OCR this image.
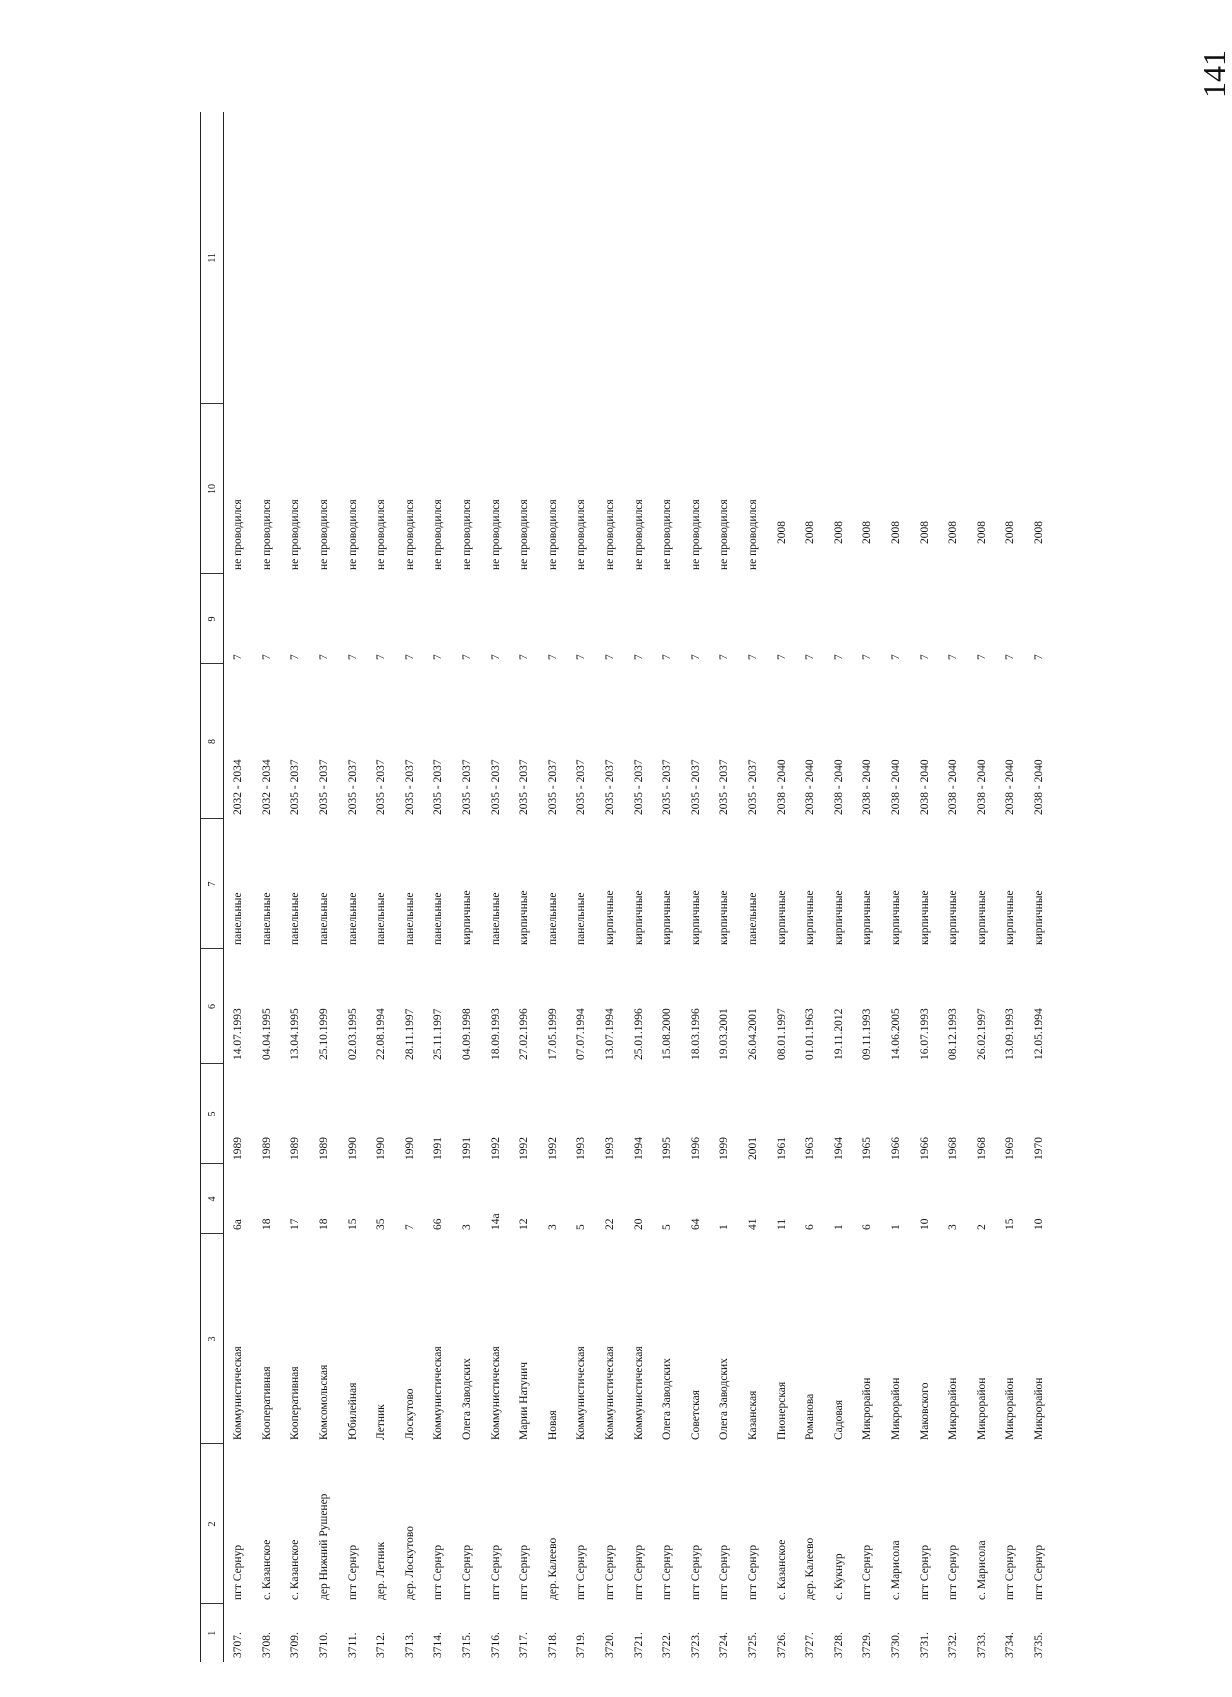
141
1	2	3	4	5	6	7	8	9	10	11
3707.	пгт Сернур	Коммунистическая	6а	1989	14.07.1993	панельные	2032 - 2034	7	не проводился	
3708.	с. Казанское	Кооперативная	18	1989	04.04.1995	панельные	2032 - 2034	7	не проводился	
3709.	с. Казанское	Кооперативная	17	1989	13.04.1995	панельные	2035 - 2037	7	не проводился	
3710.	дер Нижний Рушенер	Комсомольская	18	1989	25.10.1999	панельные	2035 - 2037	7	не проводился	
3711.	пгт Сернур	Юбилейная	15	1990	02.03.1995	панельные	2035 - 2037	7	не проводился	
3712.	дер. Летник	Летник	35	1990	22.08.1994	панельные	2035 - 2037	7	не проводился	
3713.	дер. Лоскутово	Лоскутово	7	1990	28.11.1997	панельные	2035 - 2037	7	не проводился	
3714.	пгт Сернур	Коммунистическая	66	1991	25.11.1997	панельные	2035 - 2037	7	не проводился	
3715.	пгт Сернур	Олега Заводских	3	1991	04.09.1998	кирпичные	2035 - 2037	7	не проводился	
3716.	пгт Сернур	Коммунистическая	14а	1992	18.09.1993	панельные	2035 - 2037	7	не проводился	
3717.	пгт Сернур	Марии Натунич	12	1992	27.02.1996	кирпичные	2035 - 2037	7	не проводился	
3718.	дер. Калеево	Новая	3	1992	17.05.1999	панельные	2035 - 2037	7	не проводился	
3719.	пгт Сернур	Коммунистическая	5	1993	07.07.1994	панельные	2035 - 2037	7	не проводился	
3720.	пгт Сернур	Коммунистическая	22	1993	13.07.1994	кирпичные	2035 - 2037	7	не проводился	
3721.	пгт Сернур	Коммунистическая	20	1994	25.01.1996	кирпичные	2035 - 2037	7	не проводился	
3722.	пгт Сернур	Олега Заводских	5	1995	15.08.2000	кирпичные	2035 - 2037	7	не проводился	
3723.	пгт Сернур	Советская	64	1996	18.03.1996	кирпичные	2035 - 2037	7	не проводился	
3724.	пгт Сернур	Олега Заводских	1	1999	19.03.2001	кирпичные	2035 - 2037	7	не проводился	
3725.	пгт Сернур	Казанская	41	2001	26.04.2001	панельные	2035 - 2037	7	не проводился	
3726.	с. Казанское	Пионерская	11	1961	08.01.1997	кирпичные	2038 - 2040	7	2008	
3727.	дер. Калеево	Романова	6	1963	01.01.1963	кирпичные	2038 - 2040	7	2008	
3728.	с. Кукнур	Садовая	1	1964	19.11.2012	кирпичные	2038 - 2040	7	2008	
3729.	пгт Сернур	Микрорайон	6	1965	09.11.1993	кирпичные	2038 - 2040	7	2008	
3730.	с. Марисола	Микрорайон	1	1966	14.06.2005	кирпичные	2038 - 2040	7	2008	
3731.	пгт Сернур	Маковского	10	1966	16.07.1993	кирпичные	2038 - 2040	7	2008	
3732.	пгт Сернур	Микрорайон	3	1968	08.12.1993	кирпичные	2038 - 2040	7	2008	
3733.	с. Марисола	Микрорайон	2	1968	26.02.1997	кирпичные	2038 - 2040	7	2008	
3734.	пгт Сернур	Микрорайон	15	1969	13.09.1993	кирпичные	2038 - 2040	7	2008	
3735.	пгт Сернур	Микрорайон	10	1970	12.05.1994	кирпичные	2038 - 2040	7	2008	
